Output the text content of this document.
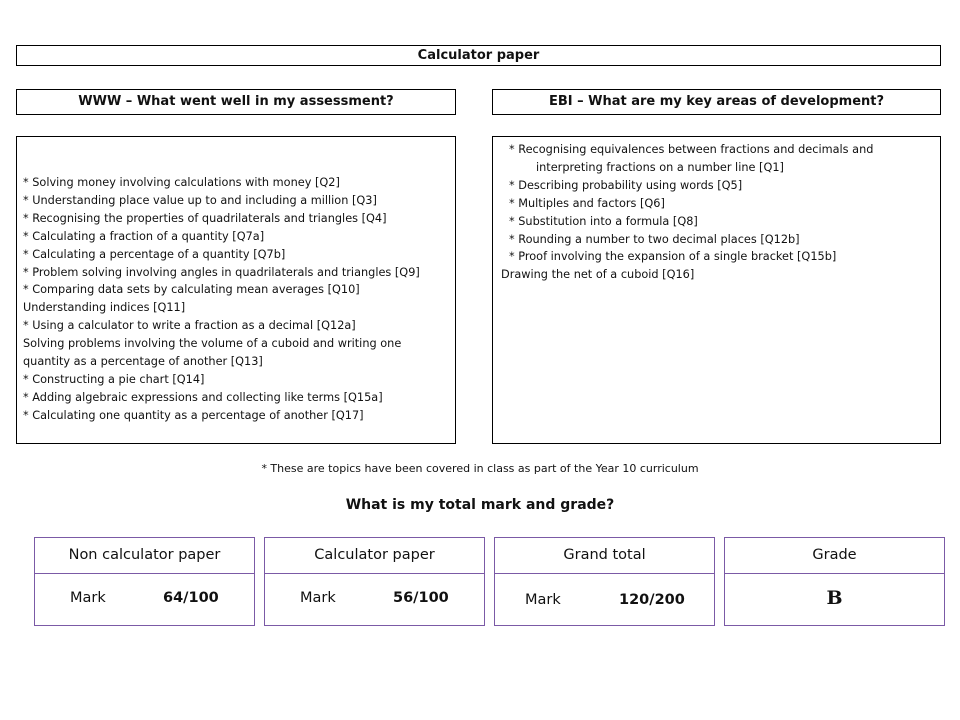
Calculator paper
WWW – What went well in my assessment?	EBI – What are my key areas of development?
* Solving money involving calculations with money [Q2]
* Understanding place value up to and including a million [Q3]
* Recognising the properties of quadrilaterals and triangles [Q4]
* Calculating a fraction of a quantity [Q7a]
* Calculating a percentage of a quantity [Q7b]
* Problem solving involving angles in quadrilaterals and triangles [Q9]
* Comparing data sets by calculating mean averages [Q10]
Understanding indices [Q11]
* Using a calculator to write a fraction as a decimal [Q12a]
Solving problems involving the volume of a cuboid and writing one
quantity as a percentage of another [Q13]
* Constructing a pie chart [Q14]
* Adding algebraic expressions and collecting like terms [Q15a]
* Calculating one quantity as a percentage of another [Q17]
* Recognising equivalences between fractions and decimals and
interpreting fractions on a number line [Q1]
* Describing probability using words [Q5]
* Multiples and factors [Q6]
* Substitution into a formula [Q8]
* Rounding a number to two decimal places [Q12b]
* Proof involving the expansion of a single bracket [Q15b]
Drawing the net of a cuboid [Q16]
* These are topics have been covered in class as part of the Year 10 curriculum
What is my total mark and grade?
Non calculator paper
Mark	64/100
Calculator paper
Mark	56/100
Grand total
Mark	120/200
Grade
B
